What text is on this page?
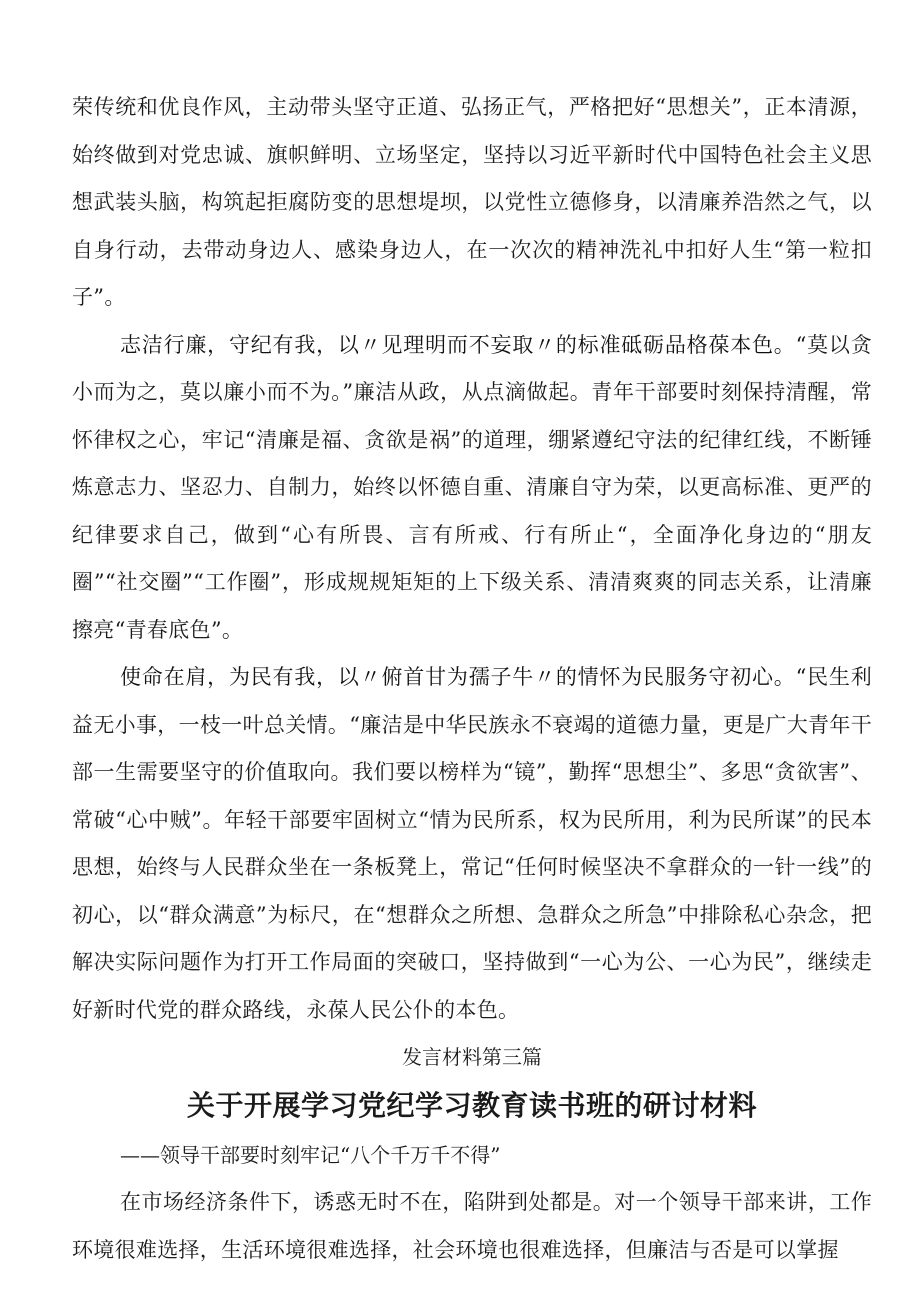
荣传统和优良作风，主动带头坚守正道、弘扬正气，严格把好“思想关”，正本清源，始终做到对党忠诚、旗帜鲜明、立场坚定，坚持以习近平新时代中国特色社会主义思想武装头脑，构筑起拒腐防变的思想堤坝，以党性立德修身，以清廉养浩然之气，以自身行动，去带动身边人、感染身边人，在一次次的精神洗礼中扣好人生“第一粒扣子”。

志洁行廉，守纪有我，以〃见理明而不妄取〃的标准砥砺品格葆本色。“莫以贪小而为之，莫以廉小而不为。”廉洁从政，从点滴做起。青年干部要时刻保持清醒，常怀律权之心，牢记“清廉是福、贪欲是祸”的道理，绷紧遵纪守法的纪律红线，不断锤炼意志力、坚忍力、自制力，始终以怀德自重、清廉自守为荣，以更高标准、更严的纪律要求自己，做到“心有所畏、言有所戒、行有所止“，全面净化身边的“朋友圈”“社交圈”“工作圈”，形成规规矩矩的上下级关系、清清爽爽的同志关系，让清廉擦亮“青春底色”。

使命在肩，为民有我，以〃俯首甘为孺子牛〃的情怀为民服务守初心。“民生利益无小事，一枝一叶总关情。“廉洁是中华民族永不衰竭的道德力量，更是广大青年干部一生需要坚守的价值取向。我们要以榜样为“镜”，勤挥“思想尘”、多思“贪欲害”、常破“心中贼”。年轻干部要牢固树立“情为民所系，权为民所用，利为民所谋”的民本思想，始终与人民群众坐在一条板凳上，常记“任何时候坚决不拿群众的一针一线”的初心，以“群众满意”为标尺，在“想群众之所想、急群众之所急”中排除私心杂念，把解决实际问题作为打开工作局面的突破口，坚持做到“一心为公、一心为民”，继续走好新时代党的群众路线，永葆人民公仆的本色。

发言材料第三篇

关于开展学习党纪学习教育读书班的研讨材料

——领导干部要时刻牢记“八个千万千不得”

在市场经济条件下，诱惑无时不在，陷阱到处都是。对一个领导干部来讲，工作环境很难选择，生活环境很难选择，社会环境也很难选择，但廉洁与否是可以掌握
